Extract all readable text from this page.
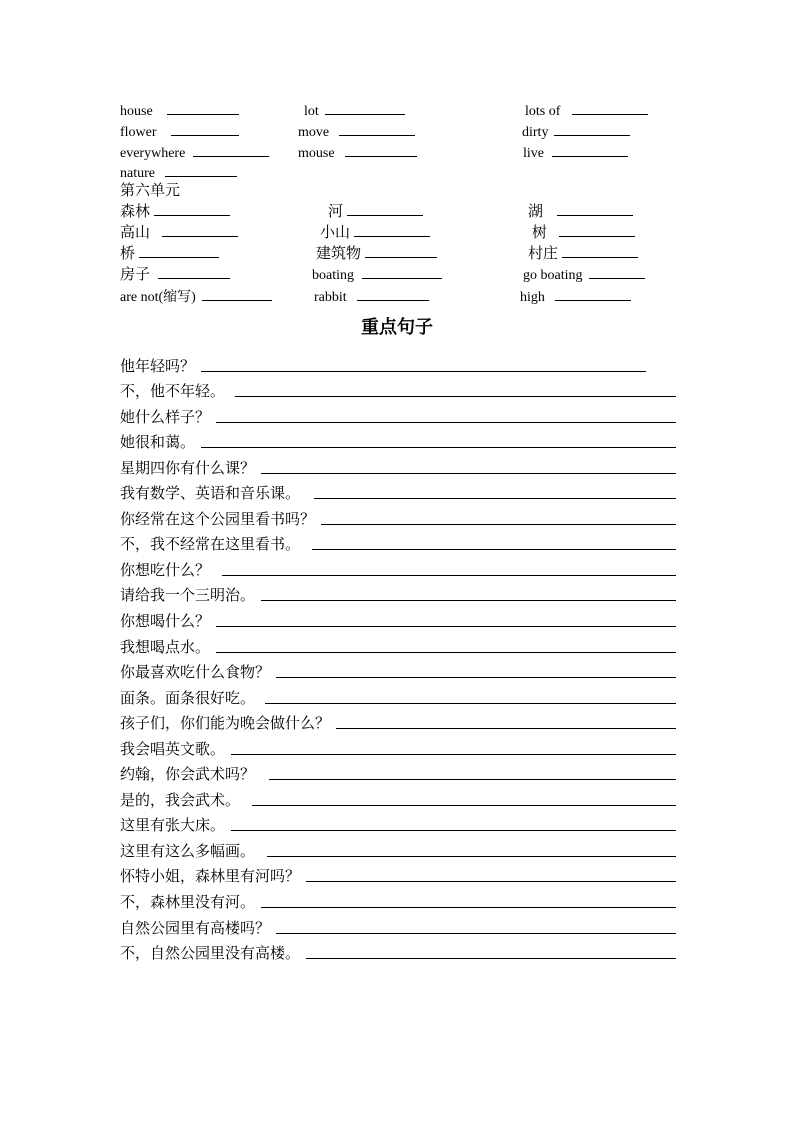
house	lot	lots of
flower	move	dirty
everywhere	mouse	live
nature
第六单元
森林	河	湖
高山	小山	树
桥	建筑物	村庄
房子	boating	go boating
are not(缩写)	rabbit	high
重点句子
他年轻吗？
不，他不年轻。
她什么样子？
她很和蔼。
星期四你有什么课？
我有数学、英语和音乐课。
你经常在这个公园里看书吗？
不，我不经常在这里看书。
你想吃什么？
请给我一个三明治。
你想喝什么？
我想喝点水。
你最喜欢吃什么食物？
面条。面条很好吃。
孩子们，你们能为晚会做什么？
我会唱英文歌。
约翰，你会武术吗？
是的，我会武术。
这里有张大床。
这里有这么多幅画。
怀特小姐，森林里有河吗？
不，森林里没有河。
自然公园里有高楼吗？
不，自然公园里没有高楼。
